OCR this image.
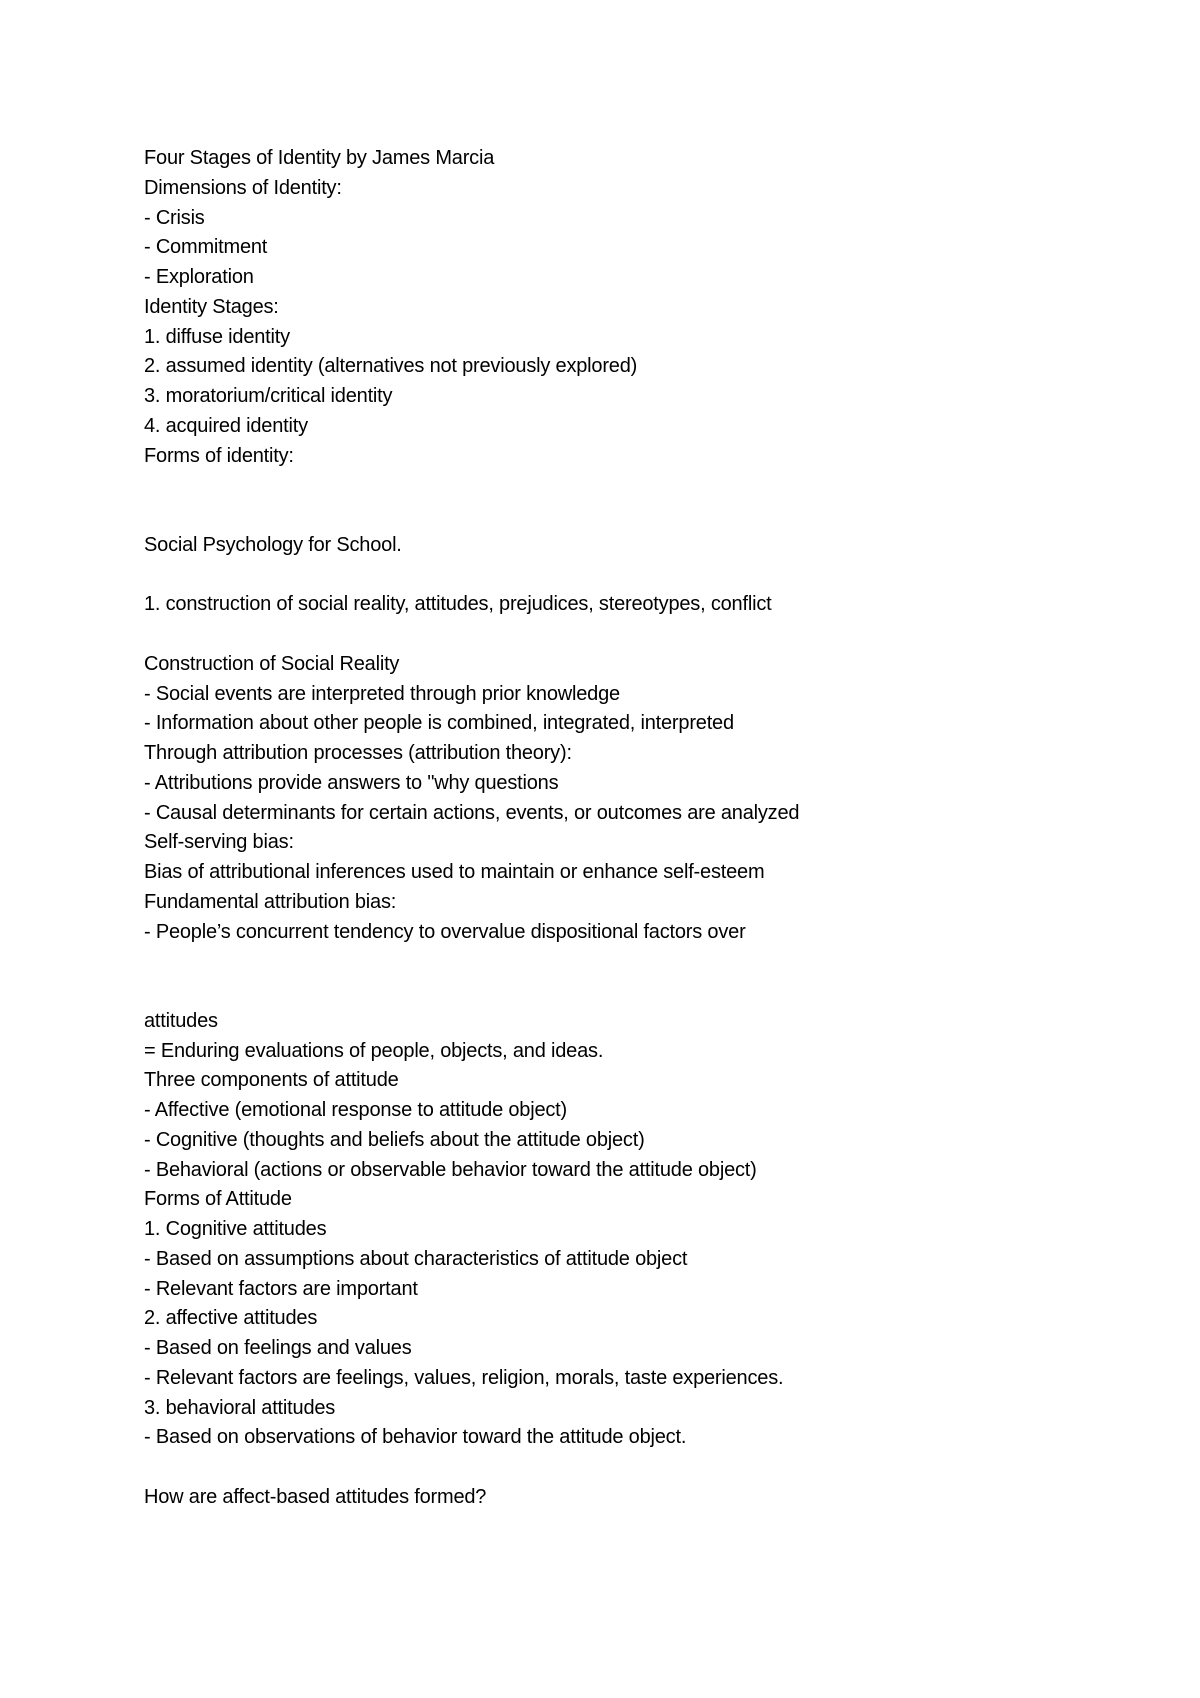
Four Stages of Identity by James Marcia
Dimensions of Identity:
- Crisis
- Commitment
- Exploration
Identity Stages:
1. diffuse identity
2. assumed identity (alternatives not previously explored)
3. moratorium/critical identity
4. acquired identity
Forms of identity:
Social Psychology for School.
1. construction of social reality, attitudes, prejudices, stereotypes, conflict
Construction of Social Reality
- Social events are interpreted through prior knowledge
- Information about other people is combined, integrated, interpreted
Through attribution processes (attribution theory):
- Attributions provide answers to "why questions
- Causal determinants for certain actions, events, or outcomes are analyzed
Self-serving bias:
Bias of attributional inferences used to maintain or enhance self-esteem
Fundamental attribution bias:
- People’s concurrent tendency to overvalue dispositional factors over
attitudes
= Enduring evaluations of people, objects, and ideas.
Three components of attitude
- Affective (emotional response to attitude object)
- Cognitive (thoughts and beliefs about the attitude object)
- Behavioral (actions or observable behavior toward the attitude object)
Forms of Attitude
1. Cognitive attitudes
- Based on assumptions about characteristics of attitude object
- Relevant factors are important
2. affective attitudes
- Based on feelings and values
- Relevant factors are feelings, values, religion, morals, taste experiences.
3. behavioral attitudes
- Based on observations of behavior toward the attitude object.
How are affect-based attitudes formed?
